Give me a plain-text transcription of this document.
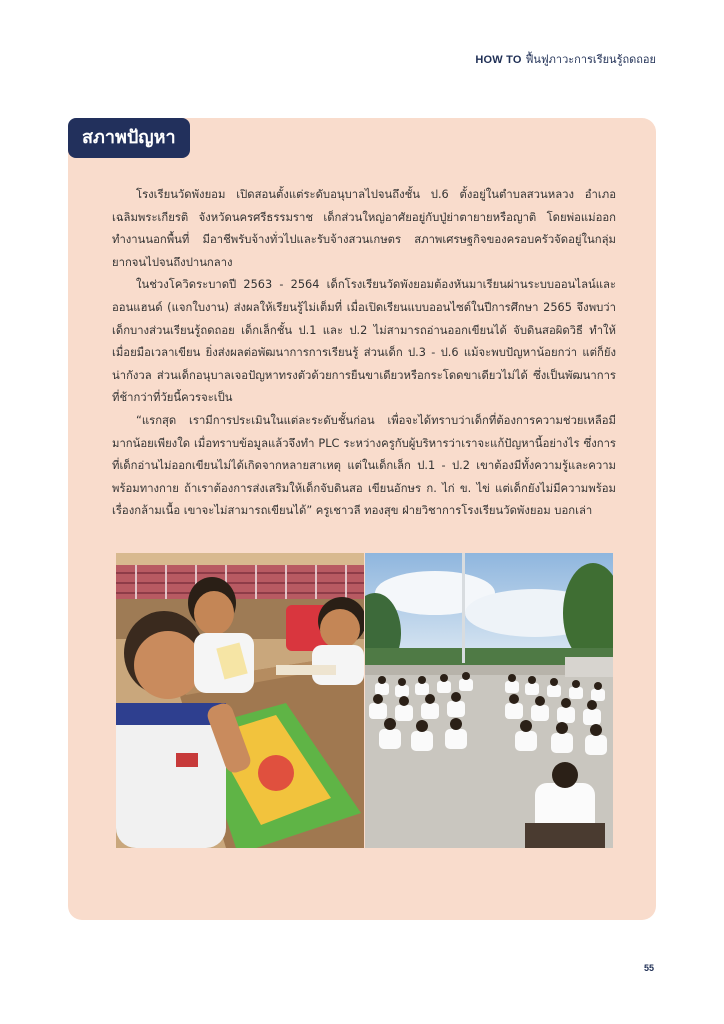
HOW TO ฟื้นฟูภาวะการเรียนรู้ถดถอย
สภาพปัญหา

โรงเรียนวัดพังยอม เปิดสอนตั้งแต่ระดับอนุบาลไปจนถึงชั้น ป.6 ตั้งอยู่ในตำบลสวนหลวง อำเภอเฉลิมพระเกียรติ จังหวัดนครศรีธรรมราช เด็กส่วนใหญ่อาศัยอยู่กับปู่ย่าตายายหรือญาติ โดยพ่อแม่ออกทำงานนอกพื้นที่ มีอาชีพรับจ้างทั่วไปและรับจ้างสวนเกษตร สภาพเศรษฐกิจของครอบครัวจัดอยู่ในกลุ่มยากจนไปจนถึงปานกลาง

ในช่วงโควิดระบาดปี 2563 - 2564 เด็กโรงเรียนวัดพังยอมต้องหันมาเรียนผ่านระบบออนไลน์และออนแฮนด์ (แจกใบงาน) ส่งผลให้เรียนรู้ไม่เต็มที่ เมื่อเปิดเรียนแบบออนไซต์ในปีการศึกษา 2565 จึงพบว่า เด็กบางส่วนเรียนรู้ถดถอย เด็กเล็กชั้น ป.1 และ ป.2 ไม่สามารถอ่านออกเขียนได้ จับดินสอผิดวิธี ทำให้เมื่อยมือเวลาเขียน ยิ่งส่งผลต่อพัฒนาการการเรียนรู้ ส่วนเด็ก ป.3 - ป.6 แม้จะพบปัญหาน้อยกว่า แต่ก็ยังน่ากังวล ส่วนเด็กอนุบาลเจอปัญหาทรงตัวด้วยการยืนขาเดียวหรือกระโดดขาเดียวไม่ได้ ซึ่งเป็นพัฒนาการที่ช้ากว่าที่วัยนี้ควรจะเป็น

“แรกสุด เรามีการประเมินในแต่ละระดับชั้นก่อน เพื่อจะได้ทราบว่าเด็กที่ต้องการความช่วยเหลือมีมากน้อยเพียงใด เมื่อทราบข้อมูลแล้วจึงทำ PLC ระหว่างครูกับผู้บริหารว่าเราจะแก้ปัญหานี้อย่างไร ซึ่งการที่เด็กอ่านไม่ออกเขียนไม่ได้เกิดจากหลายสาเหตุ แต่ในเด็กเล็ก ป.1 - ป.2 เขาต้องมีทั้งความรู้และความพร้อมทางกาย ถ้าเราต้องการส่งเสริมให้เด็กจับดินสอ เขียนอักษร ก. ไก่ ข. ไข่ แต่เด็กยังไม่มีความพร้อมเรื่องกล้ามเนื้อ เขาจะไม่สามารถเขียนได้” ครูเชาวลี ทองสุข ฝ่ายวิชาการโรงเรียนวัดพังยอม บอกเล่า

55
